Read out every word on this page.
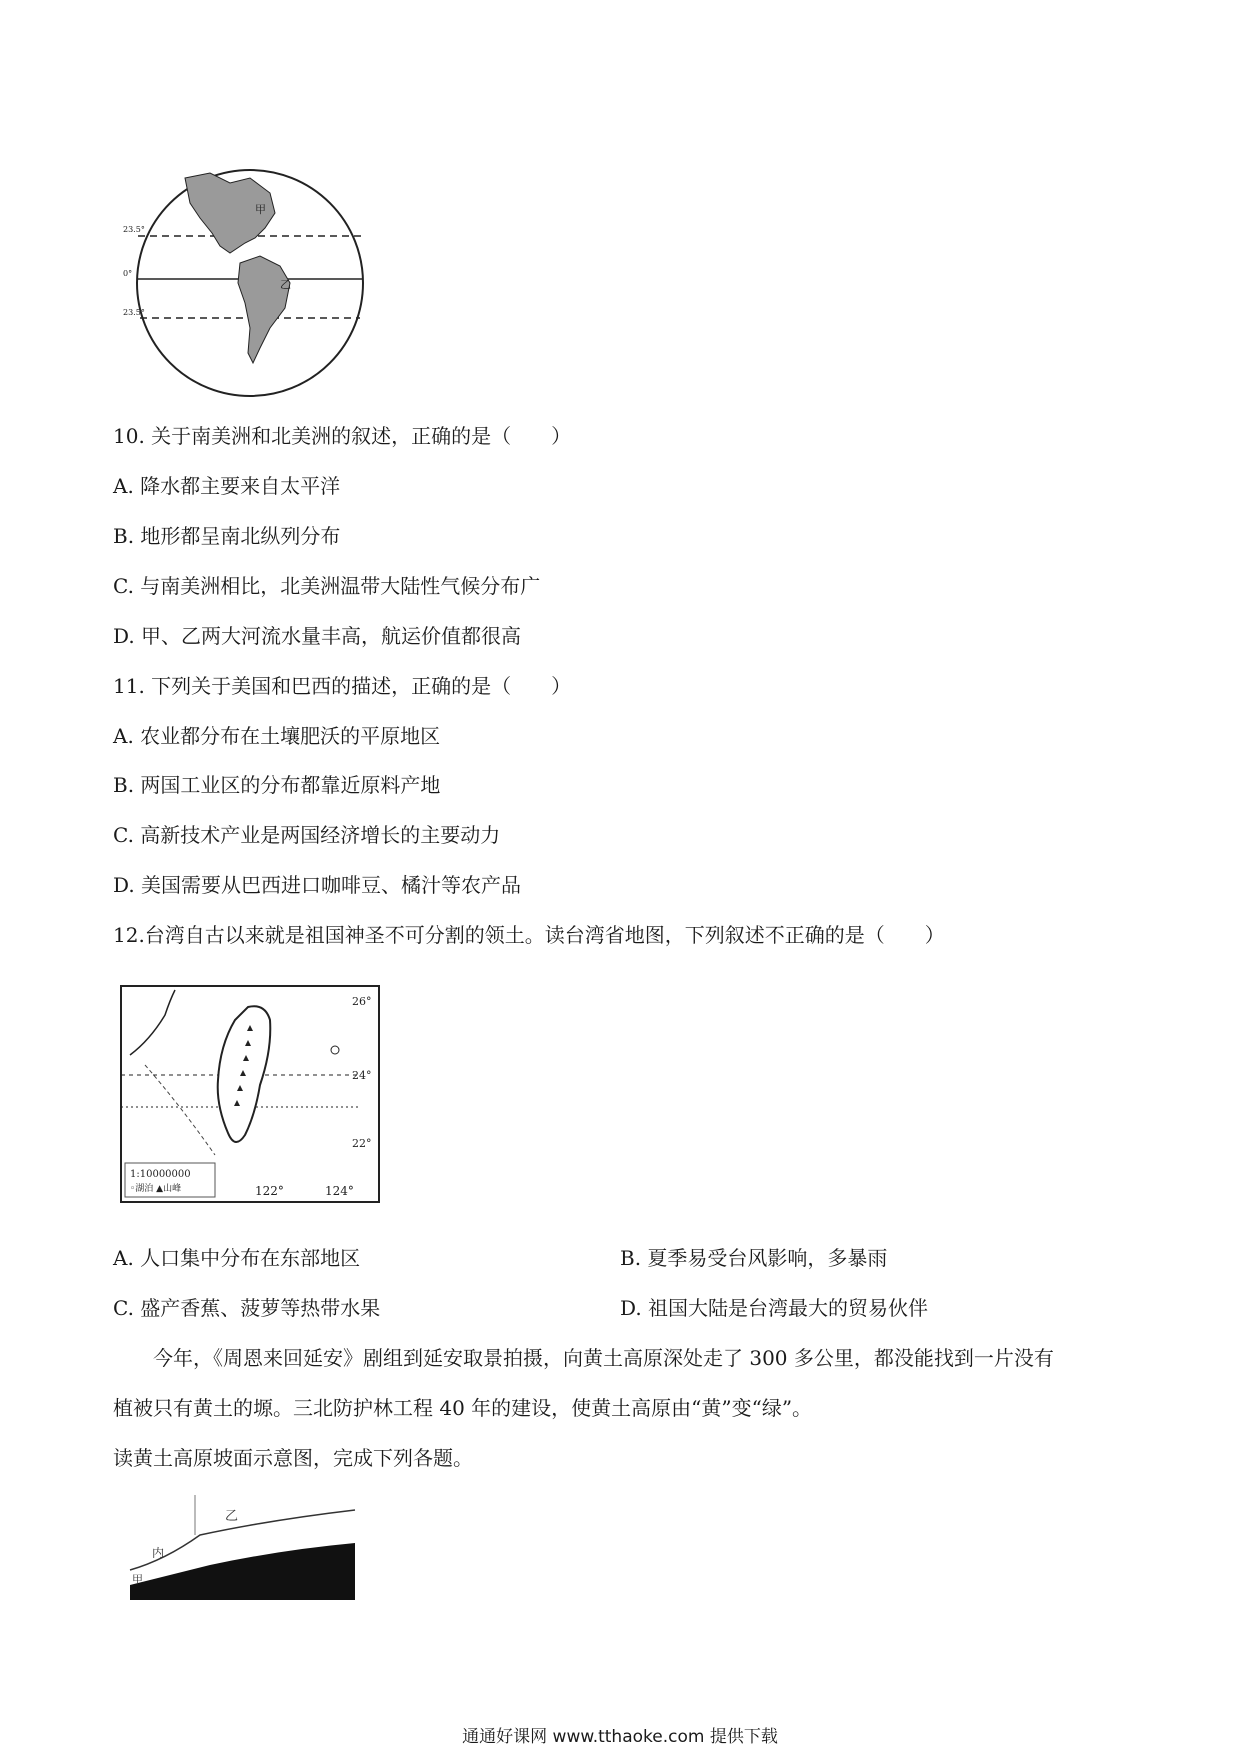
23.5°
0°
23.5°
甲
乙
10. 关于南美洲和北美洲的叙述，正确的是（　　）
A. 降水都主要来自太平洋
B. 地形都呈南北纵列分布
C. 与南美洲相比，北美洲温带大陆性气候分布广
D. 甲、乙两大河流水量丰高，航运价值都很高
11. 下列关于美国和巴西的描述，正确的是（　　）
A. 农业都分布在土壤肥沃的平原地区
B. 两国工业区的分布都靠近原料产地
C. 高新技术产业是两国经济增长的主要动力
D. 美国需要从巴西进口咖啡豆、橘汁等农产品
12.台湾自古以来就是祖国神圣不可分割的领土。读台湾省地图，下列叙述不正确的是（　　）
26°
24°
22°
122°	124°
1:10000000
◦湖泊 ▲山峰
A. 人口集中分布在东部地区	B. 夏季易受台风影响，多暴雨
C. 盛产香蕉、菠萝等热带水果	D. 祖国大陆是台湾最大的贸易伙伴
今年，《周恩来回延安》剧组到延安取景拍摄，向黄土高原深处走了 300 多公里，都没能找到一片没有
植被只有黄土的塬。三北防护林工程 40 年的建设，使黄土高原由“黄”变“绿”。
读黄土高原坡面示意图，完成下列各题。
乙
内
甲
通通好课网 www.tthaoke.com 提供下载
